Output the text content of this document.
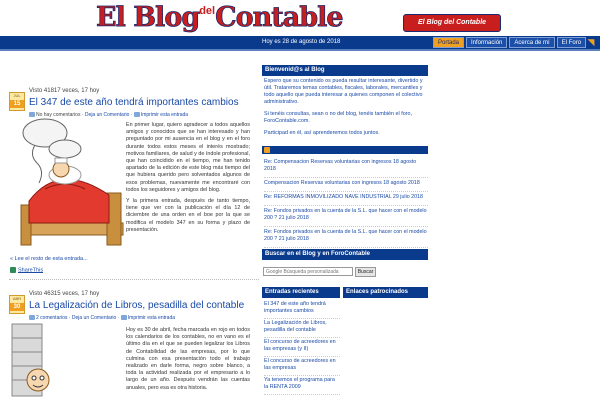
El BlogdelContable	El Blog del Contable
Hoy es 28 de agosto de 2018	Portada	Información	Acerca de mí	El Foro ◥
JUL
15
Visto 41817 veces, 17 hoy
El 347 de este año tendrá importantes cambios
No hay comentarios · Deja un Comentario · Imprimir esta entrada

En primer lugar, quiero agradecer a todos aquellos amigos y conocidos que se han interesado y han preguntado por mi ausencia en el blog y en el foro durante todos estos meses el interés mostrado; motivos familiares, de salud y de índole profesional, que han coincidido en el tiempo, me han tenido apartado de la edición de este blog más tiempo del que hubiera querido pero solventados algunos de esos problemas, nuevamente me encontraré con todos los seguidores y amigos del blog.

Y la primera entrada, después de tanto tiempo, tiene que ver con la publicación el día 12 de diciembre de una orden en el boe por la que se modifica el modelo 347 en su forma y plazo de presentación.

« Lee el resto de esta entrada...
ShareThis
ABR
30
Visto 46315 veces, 17 hoy
La Legalización de Libros, pesadilla del contable
2 comentarios · Deja un Comentario · Imprimir esta entrada

Hoy es 30 de abril, fecha marcada en rojo en todos los calendarios de los contables, no en vano es el último día en el que se pueden legalizar los Libros de Contabilidad de las empresas, por lo que culmina con esa presentación todo el trabajo realizado en darle forma, negro sobre blanco, a toda la actividad realizada por el empresario a lo largo de un año. Después vendrán las cuentas anuales, pero esa es otra historia.

Bienvenid@s al Blog

Espero que su contenido os pueda resultar interesante, divertido y útil. Trataremos temas contables, fiscales, laborales, mercantiles y todo aquello que pueda interesar a quienes componen el colectivo administrativo.

Si tenéis consultas, sean o no del blog, tenéis también el foro, ForoContable.com.

Participad en él, así aprenderemos todos juntos.

Re: Compensacion Reservas voluntarias con ingresos 18 agosto 2018
Compensacion Reservas voluntarias con ingresos 18 agosto 2018
Re: REFORMAS INMOVILIZADO NAVE INDUSTRIAL 29 julio 2018
Re: Fondos privados en la cuenta de la S.L. que hacer con el modelo 200 ? 21 julio 2018
Re: Fondos privados en la cuenta de la S.L. que hacer con el modelo 200 ? 21 julio 2018
Buscar en el Blog y en ForoContable
Google Búsqueda personalizada
Buscar
Entradas recientes	Enlaces patrocinados
El 347 de este año tendrá importantes cambios
La Legalización de Libros, pesadilla del contable
El concurso de acreedores en las empresas (y II)
El concurso de acreedores en las empresas
Ya tenemos el programa para la RENTA 2009
